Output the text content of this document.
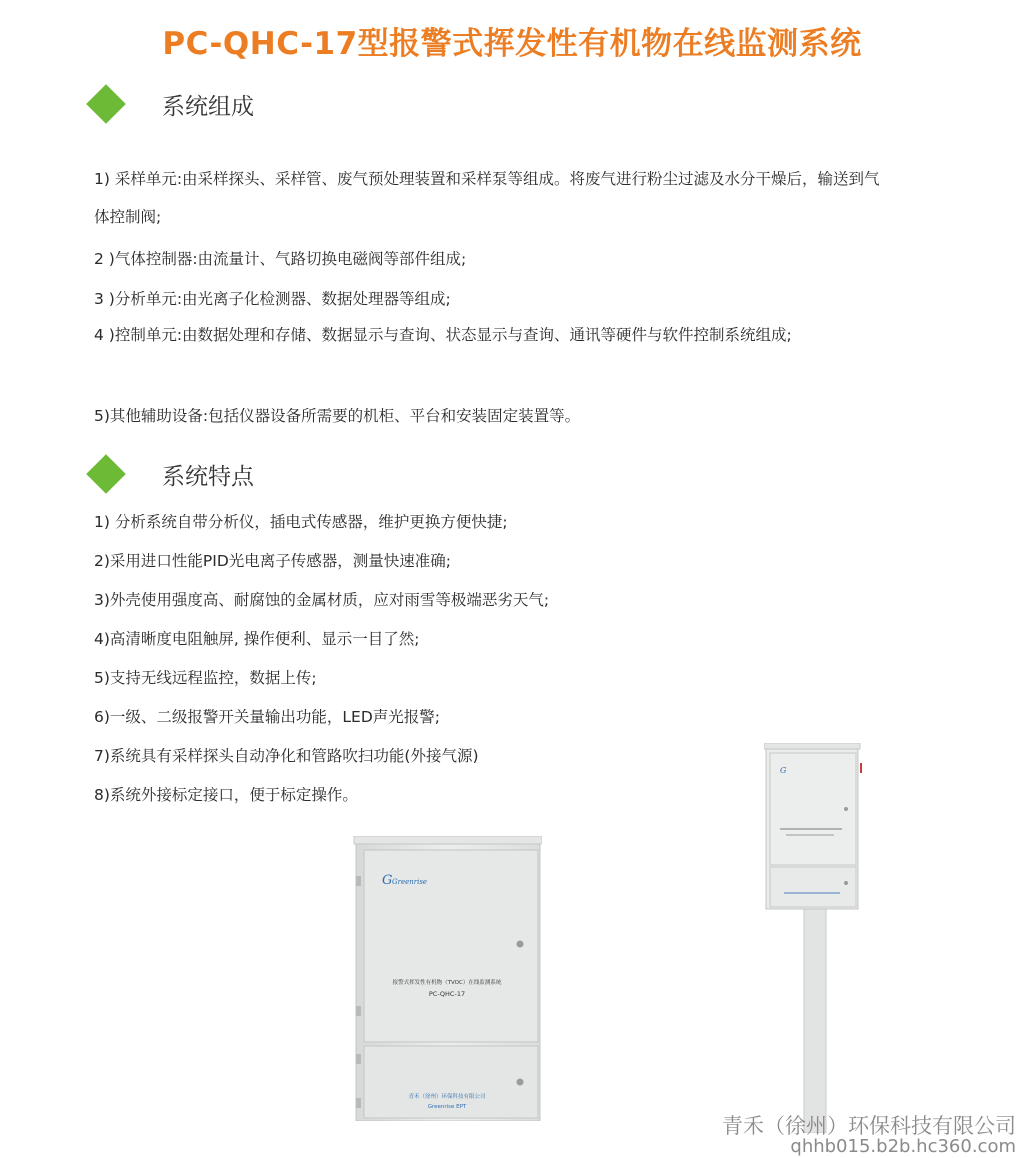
PC-QHC-17型报警式挥发性有机物在线监测系统
系统组成
1) 采样单元:由采样探头、采样管、废气预处理装置和采样泵等组成。将废气进行粉尘过滤及水分干燥后，输送到气体控制阀;
2 )气体控制器:由流量计、气路切换电磁阀等部件组成;
3 )分析单元:由光离子化检测器、数据处理器等组成;
4 )控制单元:由数据处理和存储、数据显示与查询、状态显示与查询、通讯等硬件与软件控制系统组成;
5)其他辅助设备:包括仪器设备所需要的机柜、平台和安装固定装置等。
系统特点
1) 分析系统自带分析仪，插电式传感器，维护更换方便快捷;
2)采用进口性能PID光电离子传感器，测量快速准确;
3)外壳使用强度高、耐腐蚀的金属材质，应对雨雪等极端恶劣天气;
4)高清晰度电阻触屏, 操作便利、显示一目了然;
5)支持无线远程监控，数据上传;
6)一级、二级报警开关量输出功能，LED声光报警;
7)系统具有采样探头自动净化和管路吹扫功能(外接气源)
8)系统外接标定接口，便于标定操作。
G Greenrise
报警式挥发性有机物（TVOC）在线监测系统
PC-QHC-17
青禾（徐州）环保科技有限公司
Greenrise EPT
G
青禾（徐州）环保科技有限公司
qhhb015.b2b.hc360.com
